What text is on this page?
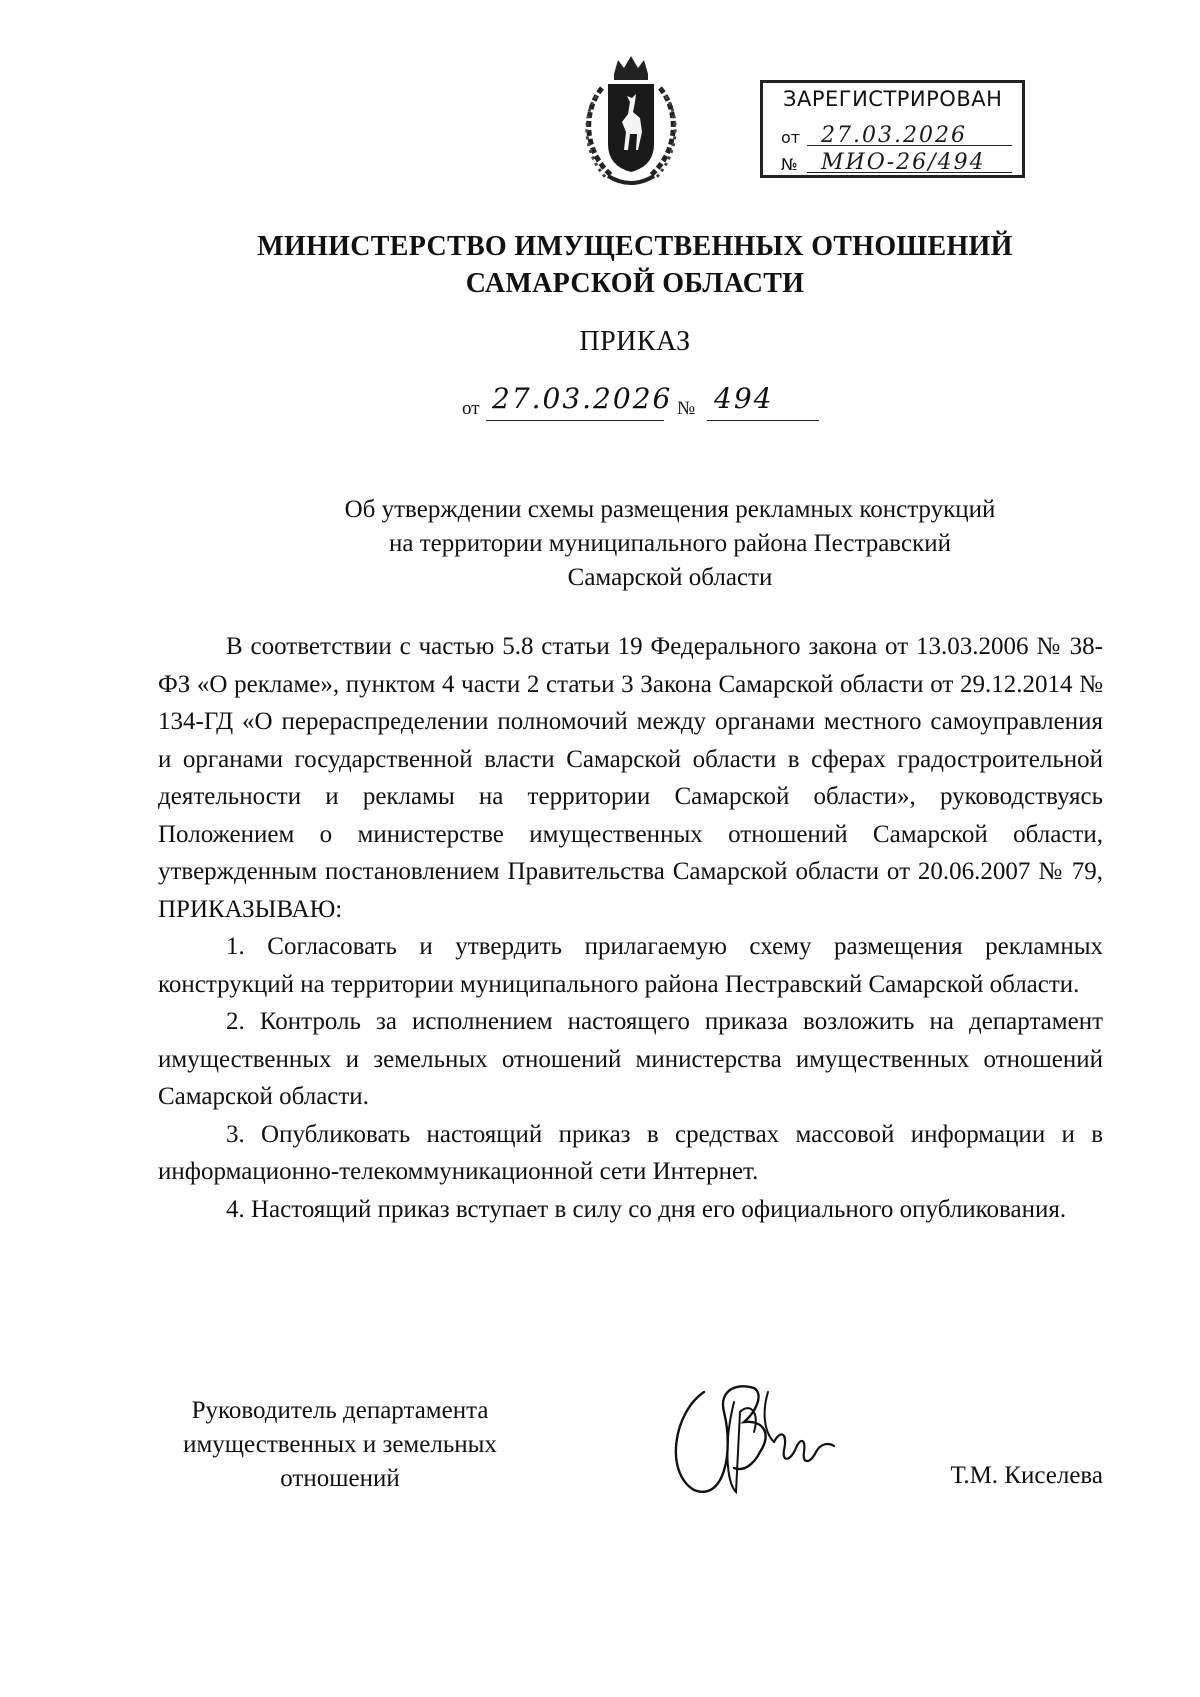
ЗАРЕГИСТРИРОВАН
от 27.03.2026
№ МИО-26/494
МИНИСТЕРСТВО ИМУЩЕСТВЕННЫХ ОТНОШЕНИЙ
САМАРСКОЙ ОБЛАСТИ
ПРИКАЗ
от 27.03.2026 № 494
Об утверждении схемы размещения рекламных конструкций
на территории муниципального района Пестравский
Самарской области

В соответствии с частью 5.8 статьи 19 Федерального закона от 13.03.2006 № 38-ФЗ «О рекламе», пунктом 4 части 2 статьи 3 Закона Самарской области от 29.12.2014 № 134-ГД «О перераспределении полномочий между органами местного самоуправления и органами государственной власти Самарской области в сферах градостроительной деятельности и рекламы на территории Самарской области», руководствуясь Положением о министерстве имущественных отношений Самарской области, утвержденным постановлением Правительства Самарской области от 20.06.2007 № 79, ПРИКАЗЫВАЮ:

1. Согласовать и утвердить прилагаемую схему размещения рекламных конструкций на территории муниципального района Пестравский Самарской области.

2. Контроль за исполнением настоящего приказа возложить на департамент имущественных и земельных отношений министерства имущественных отношений Самарской области.

3. Опубликовать настоящий приказ в средствах массовой информации и в информационно-телекоммуникационной сети Интернет.

4. Настоящий приказ вступает в силу со дня его официального опубликования.

Руководитель департамента
имущественных и земельных
отношений	Т.М. Киселева
